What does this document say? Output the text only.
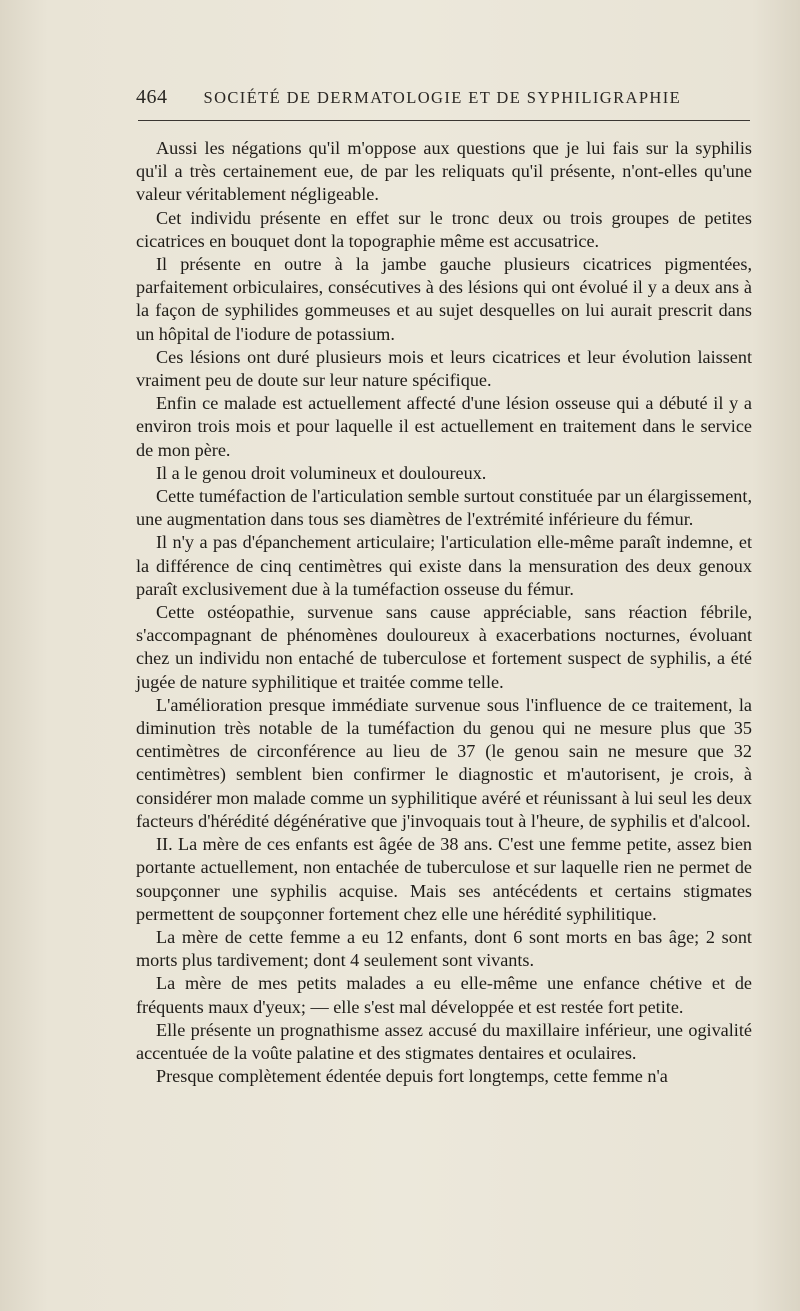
464 SOCIÉTÉ DE DERMATOLOGIE ET DE SYPHILIGRAPHIE

Aussi les négations qu'il m'oppose aux questions que je lui fais sur la syphilis qu'il a très certainement eue, de par les reliquats qu'il présente, n'ont-elles qu'une valeur véritablement négligeable.

Cet individu présente en effet sur le tronc deux ou trois groupes de petites cicatrices en bouquet dont la topographie même est accusatrice.

Il présente en outre à la jambe gauche plusieurs cicatrices pigmentées, parfaitement orbiculaires, consécutives à des lésions qui ont évolué il y a deux ans à la façon de syphilides gommeuses et au sujet desquelles on lui aurait prescrit dans un hôpital de l'iodure de potassium.

Ces lésions ont duré plusieurs mois et leurs cicatrices et leur évolution laissent vraiment peu de doute sur leur nature spécifique.

Enfin ce malade est actuellement affecté d'une lésion osseuse qui a débuté il y a environ trois mois et pour laquelle il est actuellement en traitement dans le service de mon père.

Il a le genou droit volumineux et douloureux.

Cette tuméfaction de l'articulation semble surtout constituée par un élargissement, une augmentation dans tous ses diamètres de l'extrémité inférieure du fémur.

Il n'y a pas d'épanchement articulaire; l'articulation elle-même paraît indemne, et la différence de cinq centimètres qui existe dans la mensuration des deux genoux paraît exclusivement due à la tuméfaction osseuse du fémur.

Cette ostéopathie, survenue sans cause appréciable, sans réaction fébrile, s'accompagnant de phénomènes douloureux à exacerbations nocturnes, évoluant chez un individu non entaché de tuberculose et fortement suspect de syphilis, a été jugée de nature syphilitique et traitée comme telle.

L'amélioration presque immédiate survenue sous l'influence de ce traitement, la diminution très notable de la tuméfaction du genou qui ne mesure plus que 35 centimètres de circonférence au lieu de 37 (le genou sain ne mesure que 32 centimètres) semblent bien confirmer le diagnostic et m'autorisent, je crois, à considérer mon malade comme un syphilitique avéré et réunissant à lui seul les deux facteurs d'hérédité dégénérative que j'invoquais tout à l'heure, de syphilis et d'alcool.

II. La mère de ces enfants est âgée de 38 ans. C'est une femme petite, assez bien portante actuellement, non entachée de tuberculose et sur laquelle rien ne permet de soupçonner une syphilis acquise. Mais ses antécédents et certains stigmates permettent de soupçonner fortement chez elle une hérédité syphilitique.

La mère de cette femme a eu 12 enfants, dont 6 sont morts en bas âge; 2 sont morts plus tardivement; dont 4 seulement sont vivants.

La mère de mes petits malades a eu elle-même une enfance chétive et de fréquents maux d'yeux; — elle s'est mal développée et est restée fort petite.

Elle présente un prognathisme assez accusé du maxillaire inférieur, une ogivalité accentuée de la voûte palatine et des stigmates dentaires et oculaires.

Presque complètement édentée depuis fort longtemps, cette femme n'a
